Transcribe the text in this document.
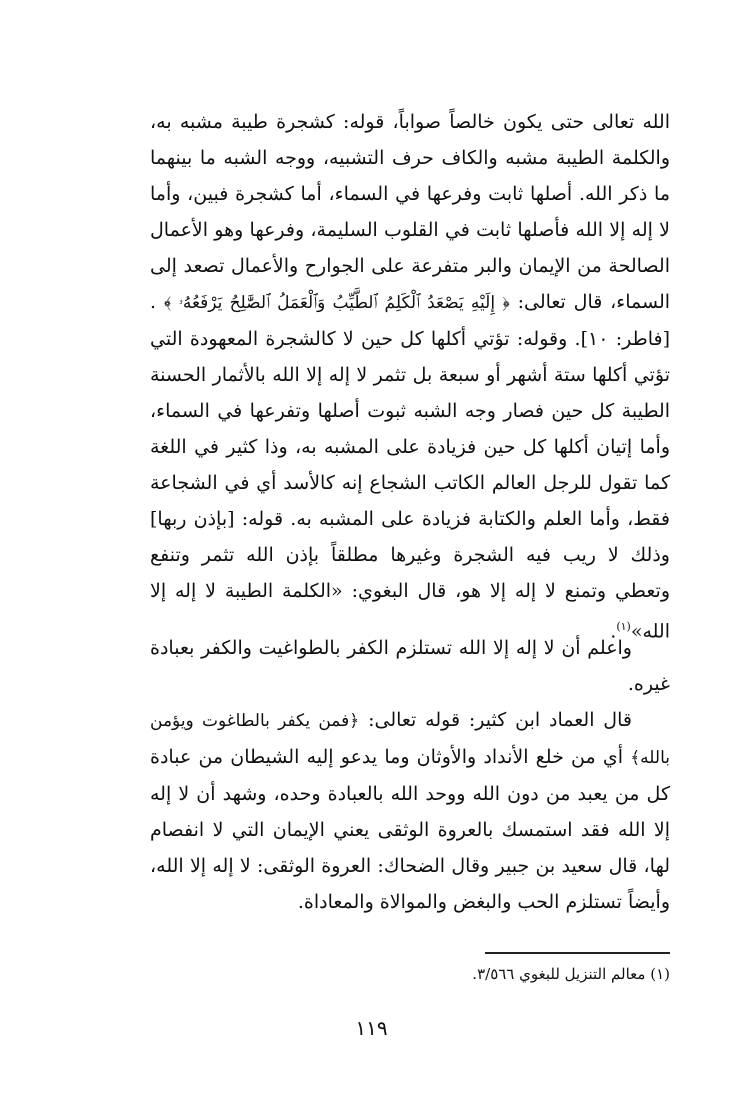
الله تعالى حتى يكون خالصاً صواباً، قوله: كشجرة طيبة مشبه به، والكلمة الطيبة مشبه والكاف حرف التشبيه، ووجه الشبه ما بينهما ما ذكر الله. أصلها ثابت وفرعها في السماء، أما كشجرة فبين، وأما لا إله إلا الله فأصلها ثابت في القلوب السليمة، وفرعها وهو الأعمال الصالحة من الإيمان والبر متفرعة على الجوارح والأعمال تصعد إلى السماء، قال تعالى: ﴿ إِلَيْهِ يَصْعَدُ ٱلْكَلِمُ ٱلطَّيِّبُ وَٱلْعَمَلُ ٱلصَّٰلِحُ يَرْفَعُهُۥ ﴾ . [فاطر: ١٠]. وقوله: تؤتي أكلها كل حين لا كالشجرة المعهودة التي تؤتي أكلها ستة أشهر أو سبعة بل تثمر لا إله إلا الله بالأثمار الحسنة الطيبة كل حين فصار وجه الشبه ثبوت أصلها وتفرعها في السماء، وأما إتيان أكلها كل حين فزيادة على المشبه به، وذا كثير في اللغة كما تقول للرجل العالم الكاتب الشجاع إنه كالأسد أي في الشجاعة فقط، وأما العلم والكتابة فزيادة على المشبه به. قوله: [بإذن ربها] وذلك لا ريب فيه الشجرة وغيرها مطلقاً بإذن الله تثمر وتنفع وتعطي وتمنع لا إله إلا هو، قال البغوي: «الكلمة الطيبة لا إله إلا الله»$^{(١)}$.

واعلم أن لا إله إلا الله تستلزم الكفر بالطواغيت والكفر بعبادة غيره.

قال العماد ابن كثير: قوله تعالى: ﴿فمن يكفر بالطاغوت ويؤمن بالله﴾ أي من خلع الأنداد والأوثان وما يدعو إليه الشيطان من عبادة كل من يعبد من دون الله ووحد الله بالعبادة وحده، وشهد أن لا إله إلا الله فقد استمسك بالعروة الوثقى يعني الإيمان التي لا انفصام لها، قال سعيد بن جبير وقال الضحاك: العروة الوثقى: لا إله إلا الله، وأيضاً تستلزم الحب والبغض والموالاة والمعاداة.

(١) معالم التنزيل للبغوي ٣/٥٦٦.
١١٩
